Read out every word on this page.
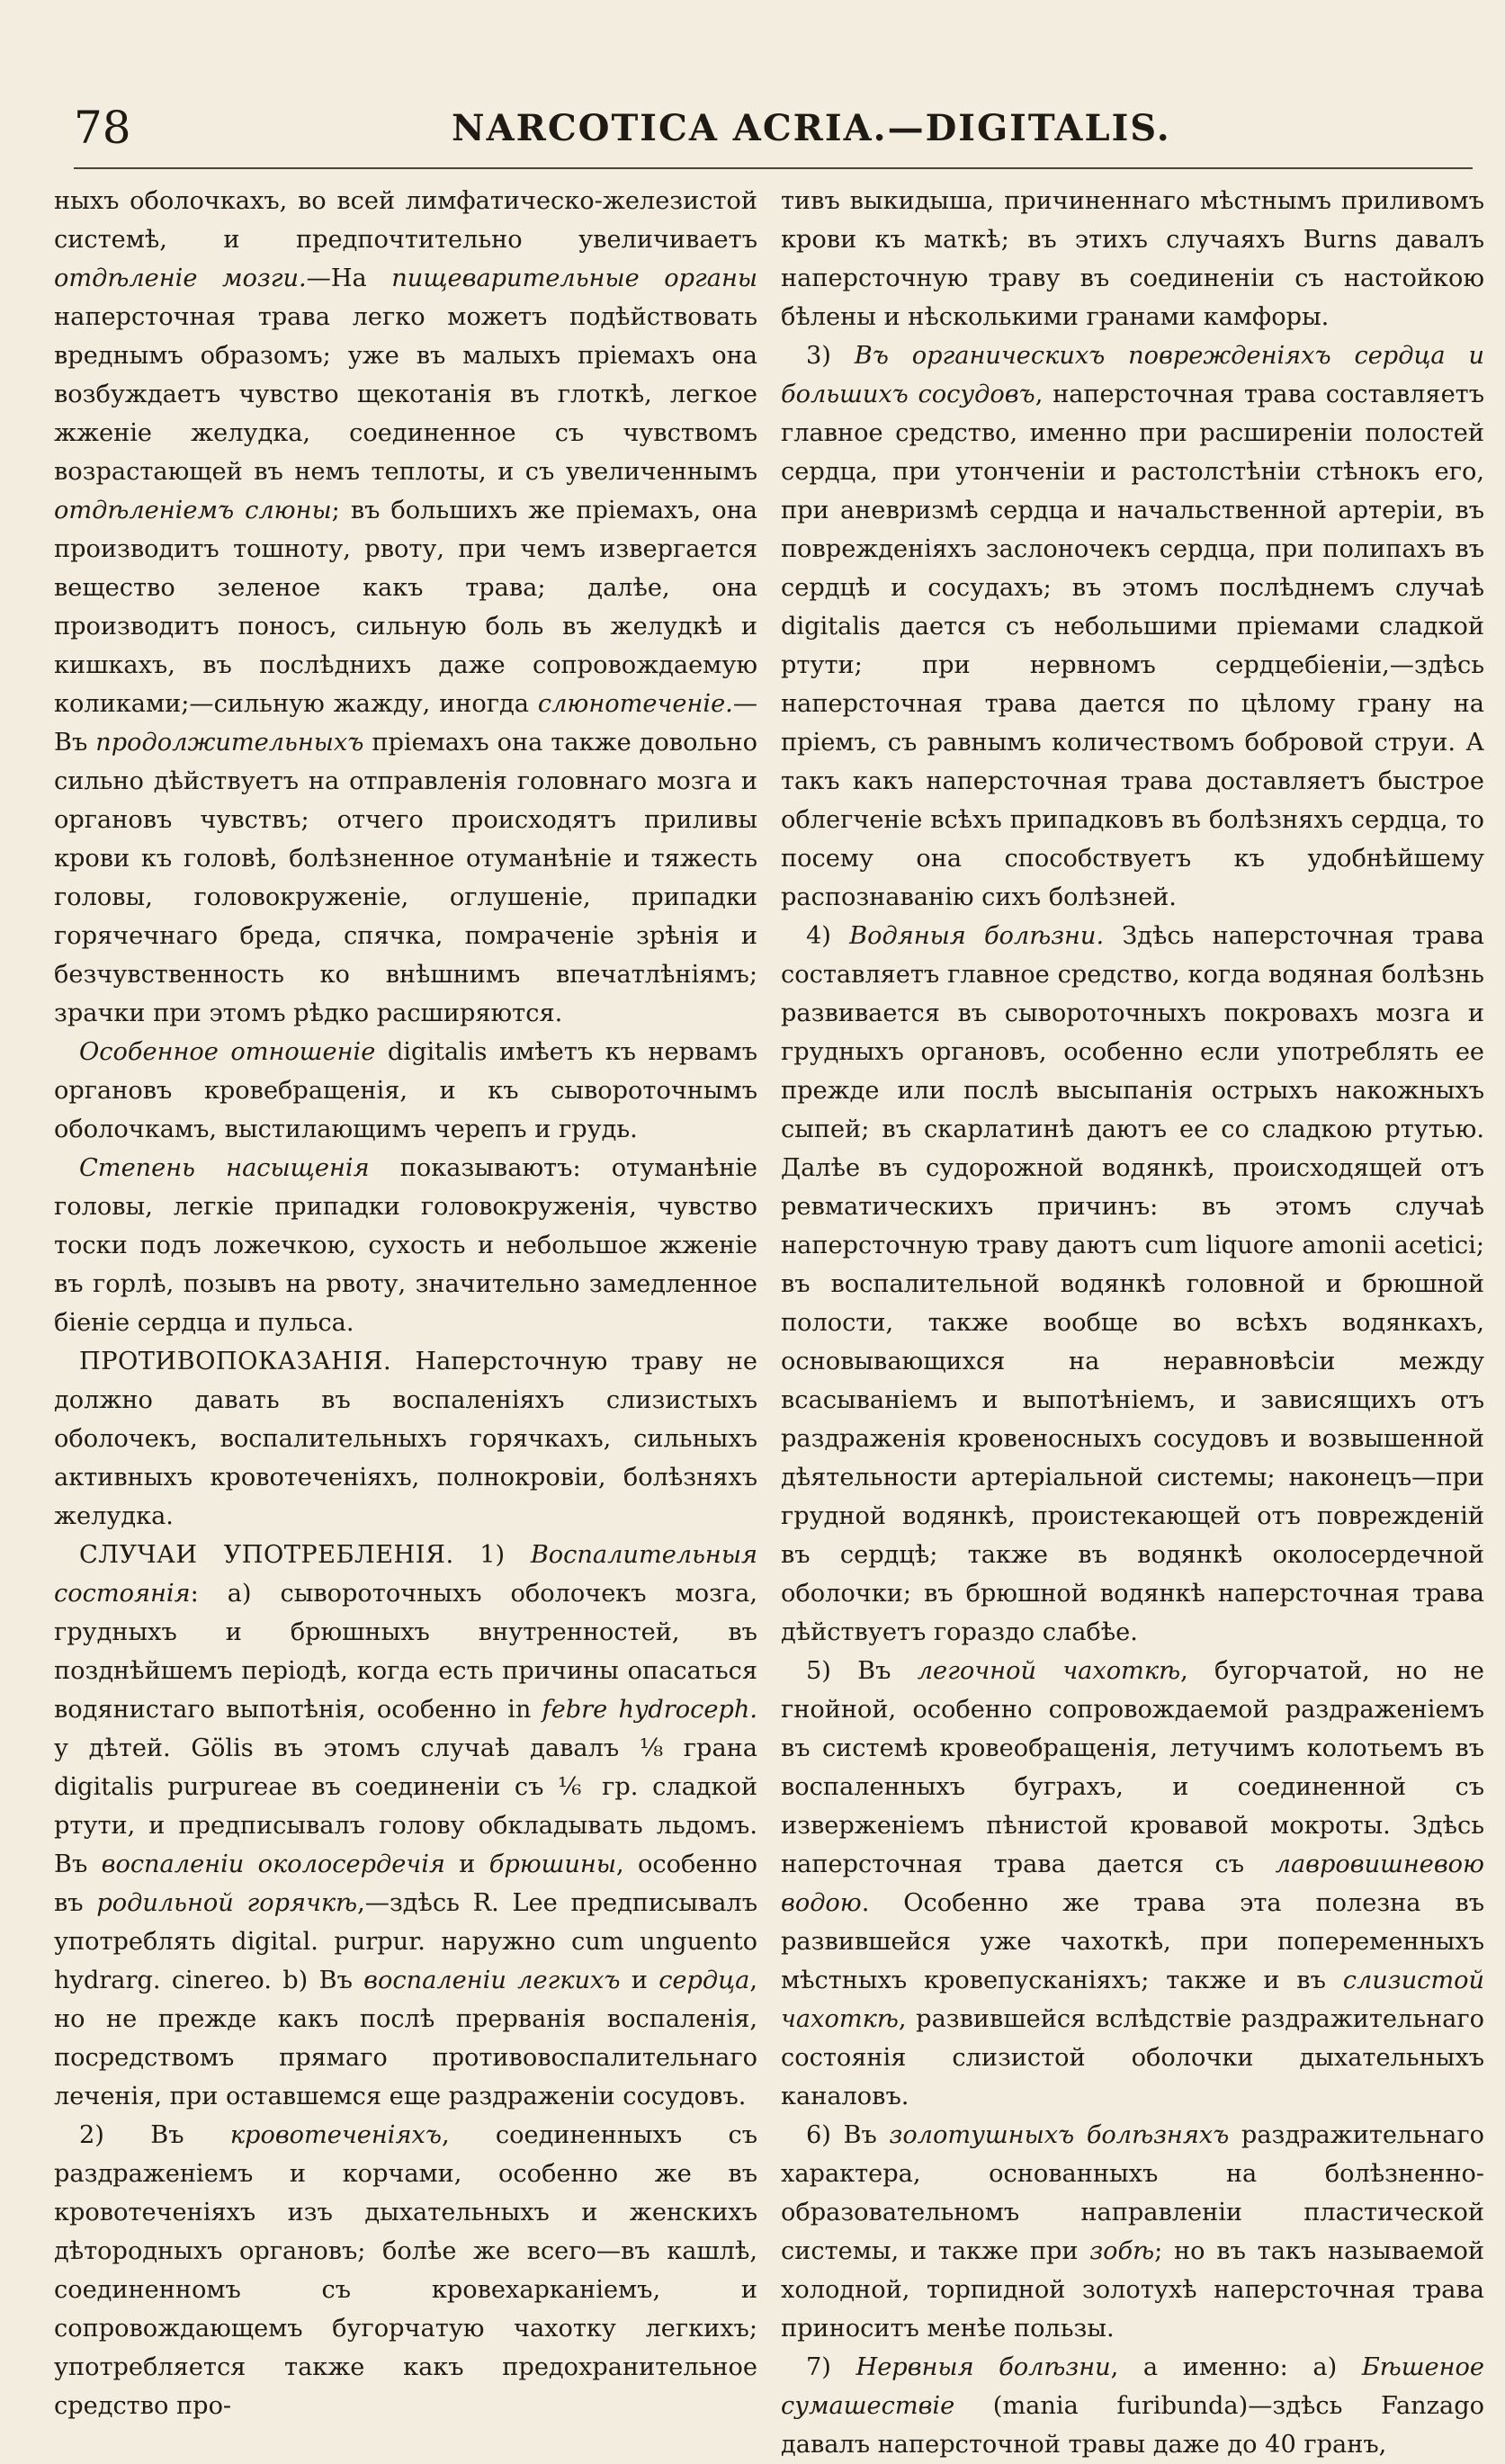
78	NARCOTICA ACRIA.—DIGITALIS.

ныхъ оболочкахъ, во всей лимфатическо-железистой системѣ, и предпочтительно увеличиваетъ отдѣленіе мозги.—На пищеварительные органы наперсточная трава легко можетъ подѣйствовать вреднымъ образомъ; уже въ малыхъ пріемахъ она возбуждаетъ чувство щекотанія въ глоткѣ, легкое жженіе желудка, соединенное съ чувствомъ возрастающей въ немъ теплоты, и съ увеличеннымъ отдѣленіемъ слюны; въ большихъ же пріемахъ, она производитъ тошноту, рвоту, при чемъ извергается вещество зеленое какъ трава; далѣе, она производитъ поносъ, сильную боль въ желудкѣ и кишкахъ, въ послѣднихъ даже сопровождаемую коликами;—сильную жажду, иногда слюнотеченіе.—Въ продолжительныхъ пріемахъ она также довольно сильно дѣйствуетъ на отправленія головнаго мозга и органовъ чувствъ; отчего происходятъ приливы крови къ головѣ, болѣзненное отуманѣніе и тяжесть головы, головокруженіе, оглушеніе, припадки горячечнаго бреда, спячка, помраченіе зрѣнія и безчувственность ко внѣшнимъ впечатлѣніямъ; зрачки при этомъ рѣдко расширяются.

Особенное отношеніе digitalis имѣетъ къ нервамъ органовъ кровебращенія, и къ сывороточнымъ оболочкамъ, выстилающимъ черепъ и грудь.

Степень насыщенія показываютъ: отуманѣніе головы, легкіе припадки головокруженія, чувство тоски подъ ложечкою, сухость и небольшое жженіе въ горлѣ, позывъ на рвоту, значительно замедленное біеніе сердца и пульса.

ПРОТИВОПОКАЗАНІЯ. Наперсточную траву не должно давать въ воспаленіяхъ слизистыхъ оболочекъ, воспалительныхъ горячкахъ, сильныхъ активныхъ кровотеченіяхъ, полнокровіи, болѣзняхъ желудка.

СЛУЧАИ УПОТРЕБЛЕНІЯ. 1) Воспалительныя состоянія: а) сывороточныхъ оболочекъ мозга, грудныхъ и брюшныхъ внутренностей, въ позднѣйшемъ періодѣ, когда есть причины опасаться водянистаго выпотѣнія, особенно in febre hydroceph. у дѣтей. Gölis въ этомъ случаѣ давалъ ⅛ грана digitalis purpureae въ соединеніи съ ⅙ гр. сладкой ртути, и предписывалъ голову обкладывать льдомъ. Въ воспаленіи околосердечія и брюшины, особенно въ родильной горячкѣ,—здѣсь R. Lee предписывалъ употреблять digital. purpur. наружно cum unguento hydrarg. cinereo. b) Въ воспаленіи легкихъ и сердца, но не прежде какъ послѣ прерванія воспаленія, посредствомъ прямаго противовоспалительнаго леченія, при оставшемся еще раздраженіи сосудовъ.

2) Въ кровотеченіяхъ, соединенныхъ съ раздраженіемъ и корчами, особенно же въ кровотеченіяхъ изъ дыхательныхъ и женскихъ дѣтородныхъ органовъ; болѣе же всего—въ кашлѣ, соединенномъ съ кровехарканіемъ, и сопровождающемъ бугорчатую чахотку легкихъ; употребляется также какъ предохранительное средство про-

тивъ выкидыша, причиненнаго мѣстнымъ приливомъ крови къ маткѣ; въ этихъ случаяхъ Burns давалъ наперсточную траву въ соединеніи съ настойкою бѣлены и нѣсколькими гранами камфоры.

3) Въ органическихъ поврежденіяхъ сердца и большихъ сосудовъ, наперсточная трава составляетъ главное средство, именно при расширеніи полостей сердца, при утонченіи и растолстѣніи стѣнокъ его, при аневризмѣ сердца и начальственной артеріи, въ поврежденіяхъ заслоночекъ сердца, при полипахъ въ сердцѣ и сосудахъ; въ этомъ послѣднемъ случаѣ digitalis дается съ небольшими пріемами сладкой ртути; при нервномъ сердцебіеніи,—здѣсь наперсточная трава дается по цѣлому грану на пріемъ, съ равнымъ количествомъ бобровой струи. А такъ какъ наперсточная трава доставляетъ быстрое облегченіе всѣхъ припадковъ въ болѣзняхъ сердца, то посему она способствуетъ къ удобнѣйшему распознаванію сихъ болѣзней.

4) Водяныя болѣзни. Здѣсь наперсточная трава составляетъ главное средство, когда водяная болѣзнь развивается въ сывороточныхъ покровахъ мозга и грудныхъ органовъ, особенно если употреблять ее прежде или послѣ высыпанія острыхъ накожныхъ сыпей; въ скарлатинѣ даютъ ее со сладкою ртутью. Далѣе въ судорожной водянкѣ, происходящей отъ ревматическихъ причинъ: въ этомъ случаѣ наперсточную траву даютъ cum liquore amonii acetici; въ воспалительной водянкѣ головной и брюшной полости, также вообще во всѣхъ водянкахъ, основывающихся на неравновѣсіи между всасываніемъ и выпотѣніемъ, и зависящихъ отъ раздраженія кровеносныхъ сосудовъ и возвышенной дѣятельности артеріальной системы; наконецъ—при грудной водянкѣ, проистекающей отъ поврежденій въ сердцѣ; также въ водянкѣ околосердечной оболочки; въ брюшной водянкѣ наперсточная трава дѣйствуетъ гораздо слабѣе.

5) Въ легочной чахоткѣ, бугорчатой, но не гнойной, особенно сопровождаемой раздраженіемъ въ системѣ кровеобращенія, летучимъ колотьемъ въ воспаленныхъ буграхъ, и соединенной съ изверженіемъ пѣнистой кровавой мокроты. Здѣсь наперсточная трава дается съ лавровишневою водою. Особенно же трава эта полезна въ развившейся уже чахоткѣ, при попеременныхъ мѣстныхъ кровепусканіяхъ; также и въ слизистой чахоткѣ, развившейся вслѣдствіе раздражительнаго состоянія слизистой оболочки дыхательныхъ каналовъ.

6) Въ золотушныхъ болѣзняхъ раздражительнаго характера, основанныхъ на болѣзненно-образовательномъ направленіи пластической системы, и также при зобѣ; но въ такъ называемой холодной, торпидной золотухѣ наперсточная трава приноситъ менѣе пользы.

7) Нервныя болѣзни, а именно: а) Бѣшеное сумашествіе (mania furibunda)—здѣсь Fanzago давалъ наперсточной травы даже до 40 гранъ,
